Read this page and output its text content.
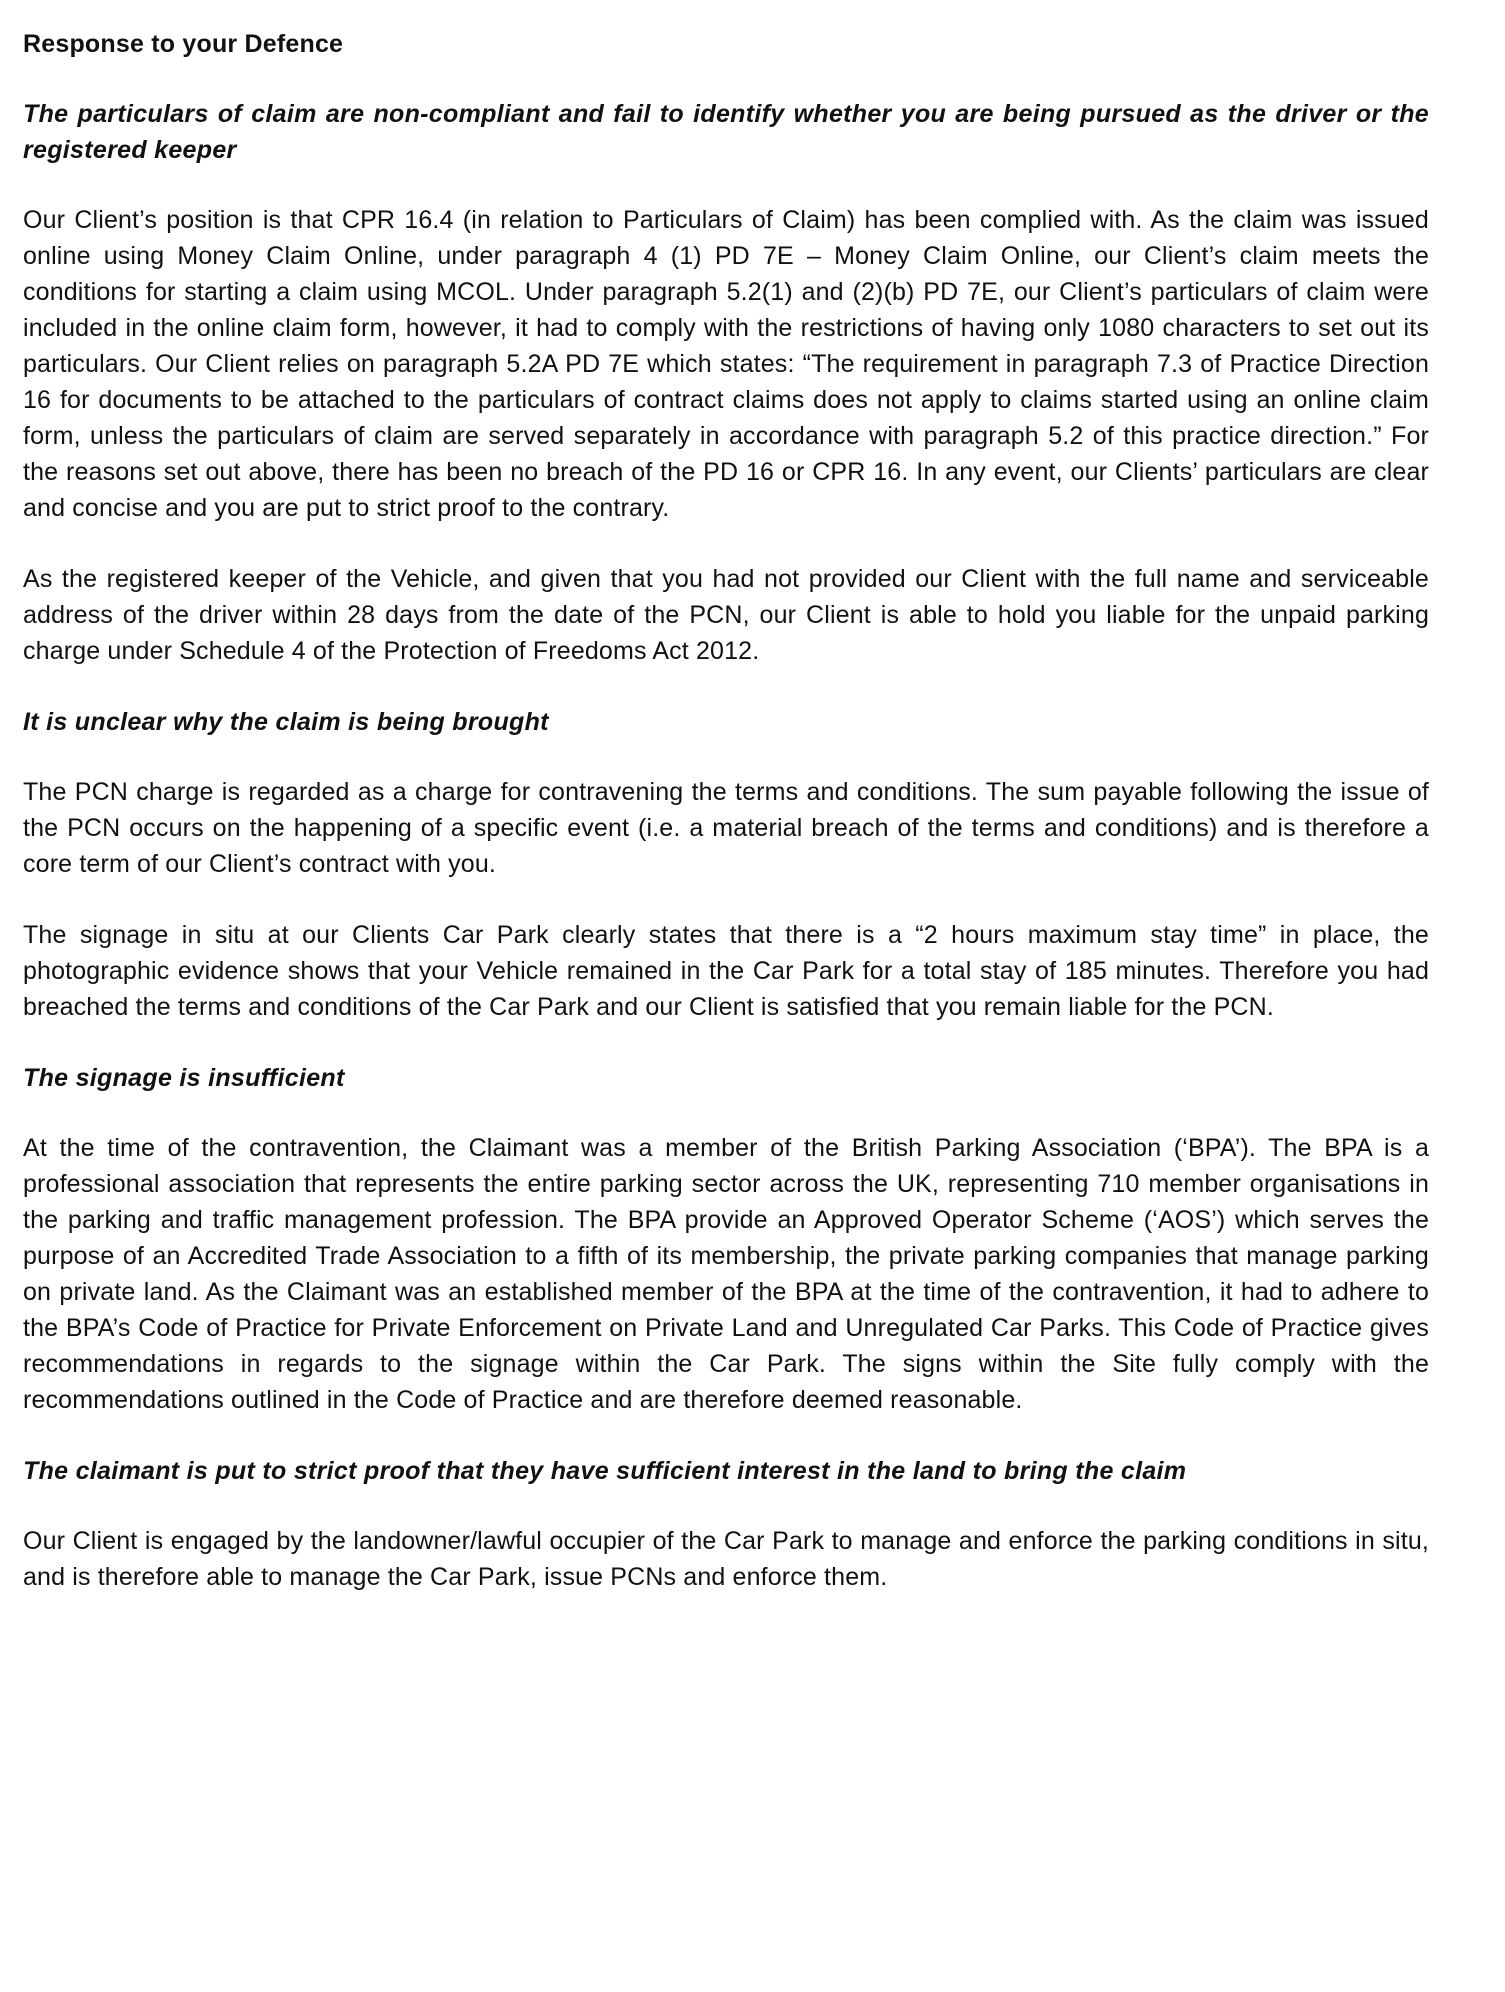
Response to your Defence
The particulars of claim are non-compliant and fail to identify whether you are being pursued as the driver or the registered keeper

Our Client’s position is that CPR 16.4 (in relation to Particulars of Claim) has been complied with. As the claim was issued online using Money Claim Online, under paragraph 4 (1) PD 7E – Money Claim Online, our Client’s claim meets the conditions for starting a claim using MCOL. Under paragraph 5.2(1) and (2)(b) PD 7E, our Client’s particulars of claim were included in the online claim form, however, it had to comply with the restrictions of having only 1080 characters to set out its particulars. Our Client relies on paragraph 5.2A PD 7E which states: “The requirement in paragraph 7.3 of Practice Direction 16 for documents to be attached to the particulars of contract claims does not apply to claims started using an online claim form, unless the particulars of claim are served separately in accordance with paragraph 5.2 of this practice direction.” For the reasons set out above, there has been no breach of the PD 16 or CPR 16. In any event, our Clients’ particulars are clear and concise and you are put to strict proof to the contrary.

As the registered keeper of the Vehicle, and given that you had not provided our Client with the full name and serviceable address of the driver within 28 days from the date of the PCN, our Client is able to hold you liable for the unpaid parking charge under Schedule 4 of the Protection of Freedoms Act 2012.

It is unclear why the claim is being brought

The PCN charge is regarded as a charge for contravening the terms and conditions. The sum payable following the issue of the PCN occurs on the happening of a specific event (i.e. a material breach of the terms and conditions) and is therefore a core term of our Client’s contract with you.

The signage in situ at our Clients Car Park clearly states that there is a “2 hours maximum stay time” in place, the photographic evidence shows that your Vehicle remained in the Car Park for a total stay of 185 minutes. Therefore you had breached the terms and conditions of the Car Park and our Client is satisfied that you remain liable for the PCN.

The signage is insufficient

At the time of the contravention, the Claimant was a member of the British Parking Association (‘BPA’). The BPA is a professional association that represents the entire parking sector across the UK, representing 710 member organisations in the parking and traffic management profession. The BPA provide an Approved Operator Scheme (‘AOS’) which serves the purpose of an Accredited Trade Association to a fifth of its membership, the private parking companies that manage parking on private land. As the Claimant was an established member of the BPA at the time of the contravention, it had to adhere to the BPA’s Code of Practice for Private Enforcement on Private Land and Unregulated Car Parks. This Code of Practice gives recommendations in regards to the signage within the Car Park. The signs within the Site fully comply with the recommendations outlined in the Code of Practice and are therefore deemed reasonable.

The claimant is put to strict proof that they have sufficient interest in the land to bring the claim

Our Client is engaged by the landowner/lawful occupier of the Car Park to manage and enforce the parking conditions in situ, and is therefore able to manage the Car Park, issue PCNs and enforce them.
